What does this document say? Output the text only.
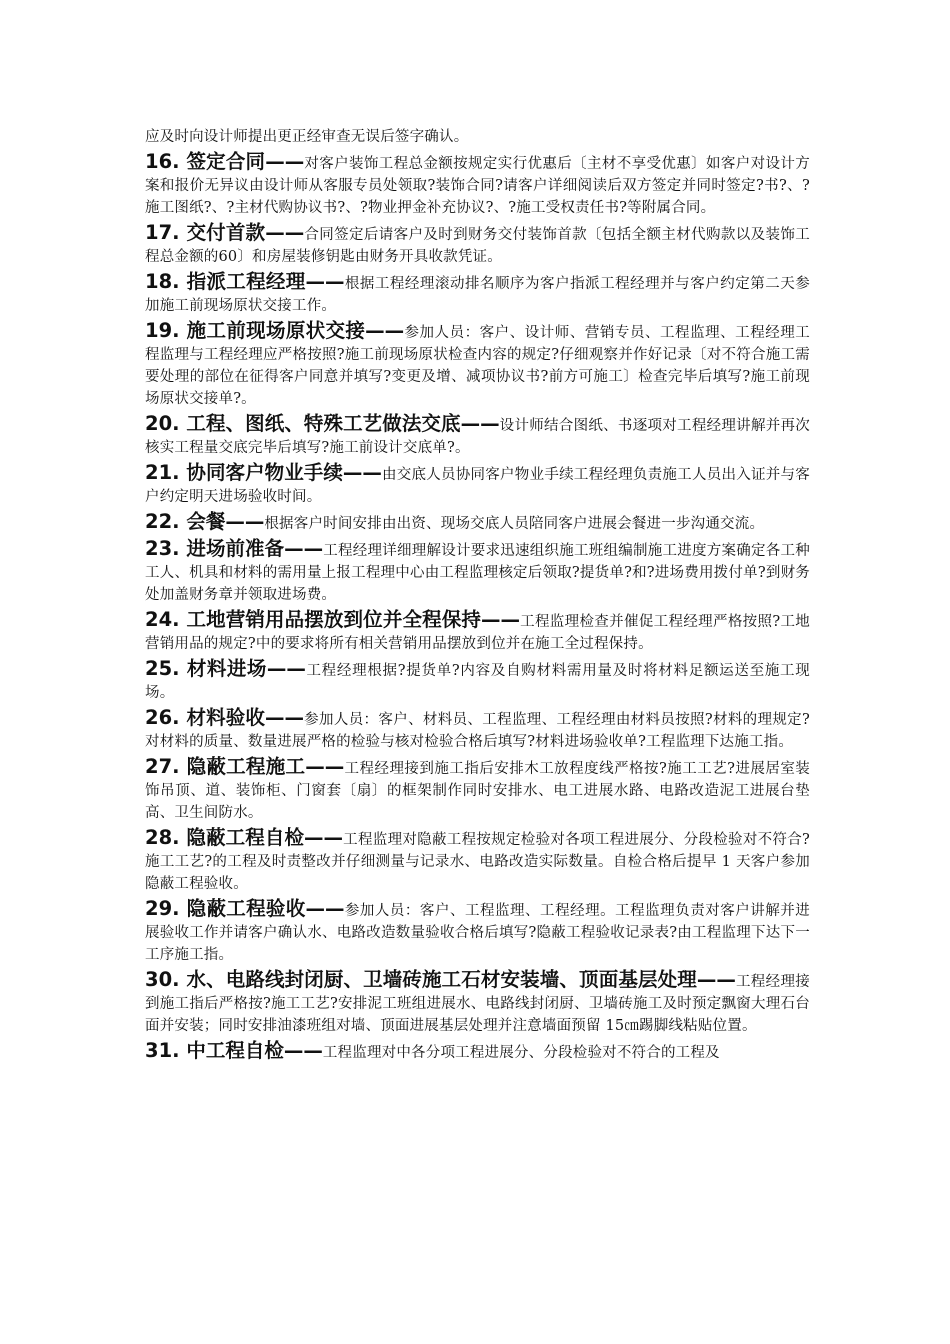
应及时向设计师提出更正经审查无误后签字确认。

16. 签定合同——对客户装饰工程总金额按规定实行优惠后〔主材不享受优惠〕如客户对设计方案和报价无异议由设计师从客服专员处领取?装饰合同?请客户详细阅读后双方签定并同时签定?书?、?施工图纸?、?主材代购协议书?、?物业押金补充协议?、?施工受权责任书?等附属合同。

17. 交付首款——合同签定后请客户及时到财务交付装饰首款〔包括全额主材代购款以及装饰工程总金额的60〕和房屋装修钥匙由财务开具收款凭证。

18. 指派工程经理——根据工程经理滚动排名顺序为客户指派工程经理并与客户约定第二天参加施工前现场原状交接工作。

19. 施工前现场原状交接——参加人员：客户、设计师、营销专员、工程监理、工程经理工程监理与工程经理应严格按照?施工前现场原状检查内容的规定?仔细观察并作好记录〔对不符合施工需要处理的部位在征得客户同意并填写?变更及增、减项协议书?前方可施工〕检查完毕后填写?施工前现场原状交接单?。

20. 工程、图纸、特殊工艺做法交底——设计师结合图纸、书逐项对工程经理讲解并再次核实工程量交底完毕后填写?施工前设计交底单?。

21. 协同客户物业手续——由交底人员协同客户物业手续工程经理负责施工人员出入证并与客户约定明天进场验收时间。

22. 会餐——根据客户时间安排由出资、现场交底人员陪同客户进展会餐进一步沟通交流。

23. 进场前准备——工程经理详细理解设计要求迅速组织施工班组编制施工进度方案确定各工种工人、机具和材料的需用量上报工程理中心由工程监理核定后领取?提货单?和?进场费用拨付单?到财务处加盖财务章并领取进场费。

24. 工地营销用品摆放到位并全程保持——工程监理检查并催促工程经理严格按照?工地营销用品的规定?中的要求将所有相关营销用品摆放到位并在施工全过程保持。

25. 材料进场——工程经理根据?提货单?内容及自购材料需用量及时将材料足额运送至施工现场。

26. 材料验收——参加人员：客户、材料员、工程监理、工程经理由材料员按照?材料的理规定?对材料的质量、数量进展严格的检验与核对检验合格后填写?材料进场验收单?工程监理下达施工指。

27. 隐蔽工程施工——工程经理接到施工指后安排木工放程度线严格按?施工工艺?进展居室装饰吊顶、道、装饰柜、门窗套〔扇〕的框架制作同时安排水、电工进展水路、电路改造泥工进展台垫高、卫生间防水。

28. 隐蔽工程自检——工程监理对隐蔽工程按规定检验对各项工程进展分、分段检验对不符合?施工工艺?的工程及时责整改并仔细测量与记录水、电路改造实际数量。自检合格后提早 1 天客户参加隐蔽工程验收。

29. 隐蔽工程验收——参加人员：客户、工程监理、工程经理。工程监理负责对客户讲解并进展验收工作并请客户确认水、电路改造数量验收合格后填写?隐蔽工程验收记录表?由工程监理下达下一工序施工指。

30. 水、电路线封闭厨、卫墙砖施工石材安装墙、顶面基层处理——工程经理接到施工指后严格按?施工工艺?安排泥工班组进展水、电路线封闭厨、卫墙砖施工及时预定飘窗大理石台面并安装；同时安排油漆班组对墙、顶面进展基层处理并注意墙面预留 15㎝踢脚线粘贴位置。

31. 中工程自检——工程监理对中各分项工程进展分、分段检验对不符合的工程及
